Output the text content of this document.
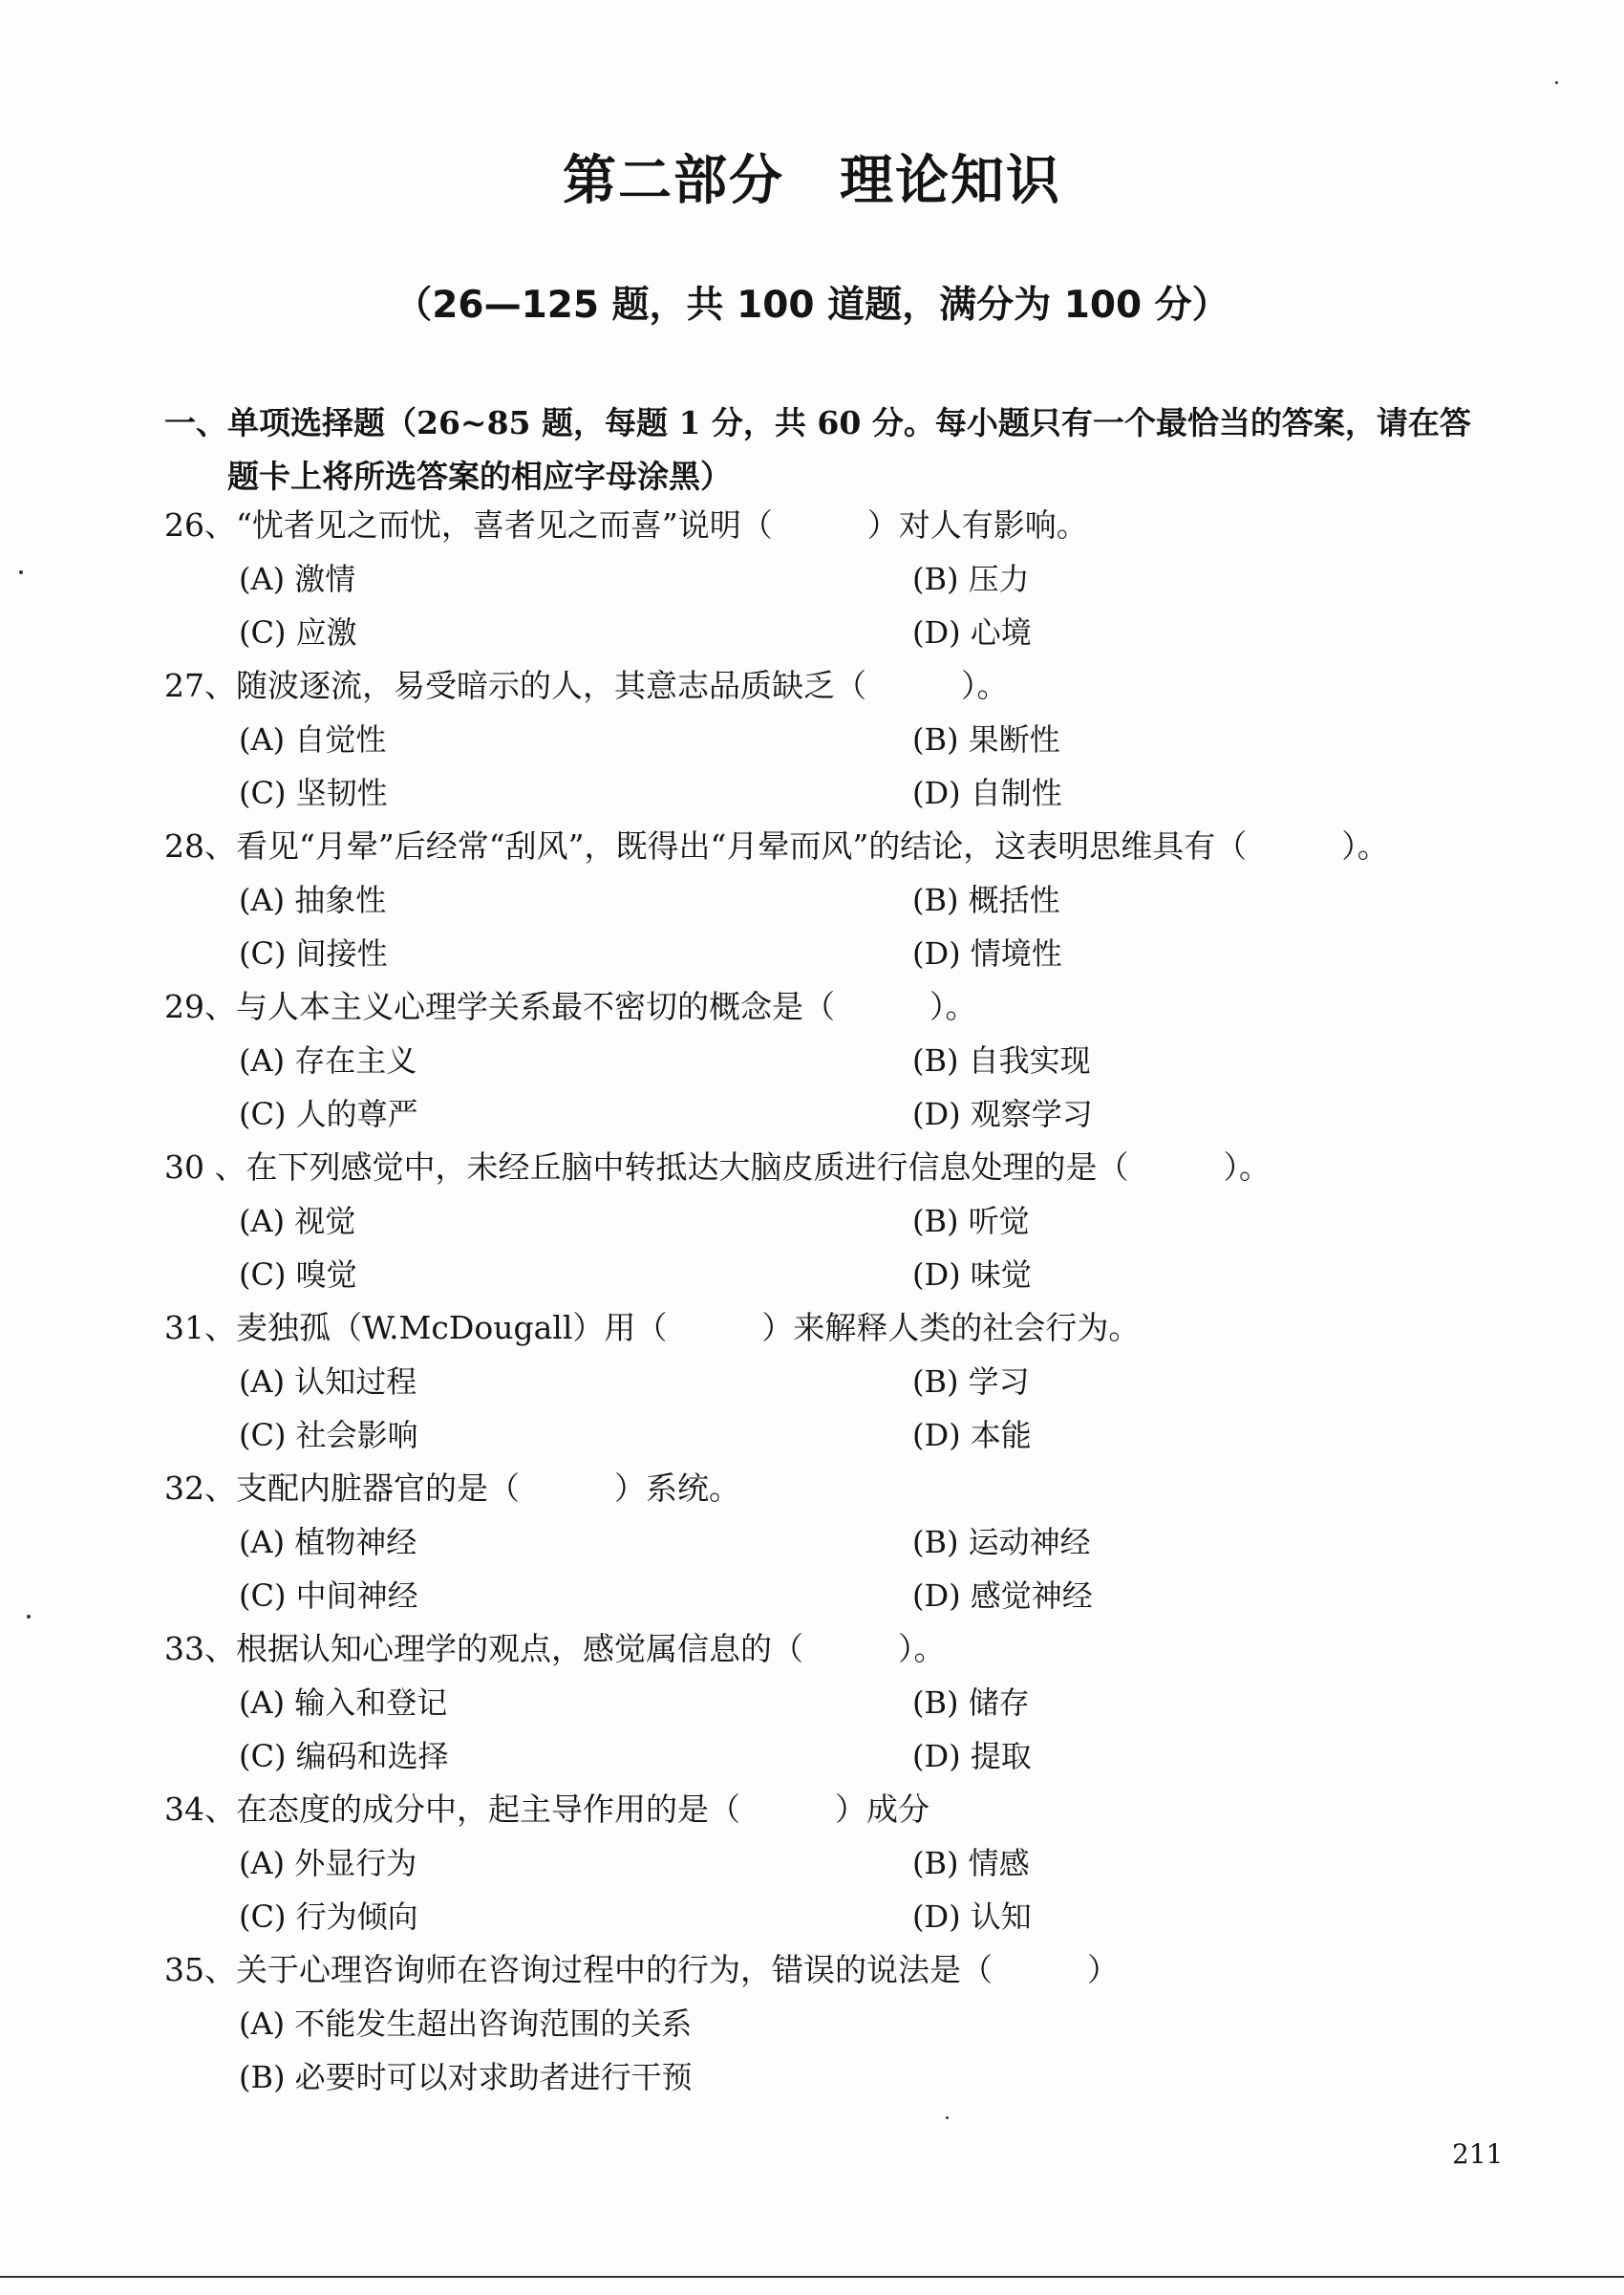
第二部分　理论知识
（26—125 题，共 100 道题，满分为 100 分）
一、单项选择题（26~85 题，每题 1 分，共 60 分。每小题只有一个最恰当的答案，请在答
题卡上将所选答案的相应字母涂黑）
26、“忧者见之而忧，喜者见之而喜”说明（　　　）对人有影响。
(A) 激情	(B) 压力
(C) 应激	(D) 心境
27、随波逐流，易受暗示的人，其意志品质缺乏（　　　）。
(A) 自觉性	(B) 果断性
(C) 坚韧性	(D) 自制性
28、看见“月晕”后经常“刮风”，既得出“月晕而风”的结论，这表明思维具有（　　　）。
(A) 抽象性	(B) 概括性
(C) 间接性	(D) 情境性
29、与人本主义心理学关系最不密切的概念是（　　　）。
(A) 存在主义	(B) 自我实现
(C) 人的尊严	(D) 观察学习
30 、在下列感觉中，未经丘脑中转抵达大脑皮质进行信息处理的是（　　　）。
(A) 视觉	(B) 听觉
(C) 嗅觉	(D) 味觉
31、麦独孤（W.McDougall）用（　　　）来解释人类的社会行为。
(A) 认知过程	(B) 学习
(C) 社会影响	(D) 本能
32、支配内脏器官的是（　　　）系统。
(A) 植物神经	(B) 运动神经
(C) 中间神经	(D) 感觉神经
33、根据认知心理学的观点，感觉属信息的（　　　）。
(A) 输入和登记	(B) 储存
(C) 编码和选择	(D) 提取
34、在态度的成分中，起主导作用的是（　　　）成分
(A) 外显行为	(B) 情感
(C) 行为倾向	(D) 认知
35、关于心理咨询师在咨询过程中的行为，错误的说法是（　　　）
(A) 不能发生超出咨询范围的关系
(B) 必要时可以对求助者进行干预
211
